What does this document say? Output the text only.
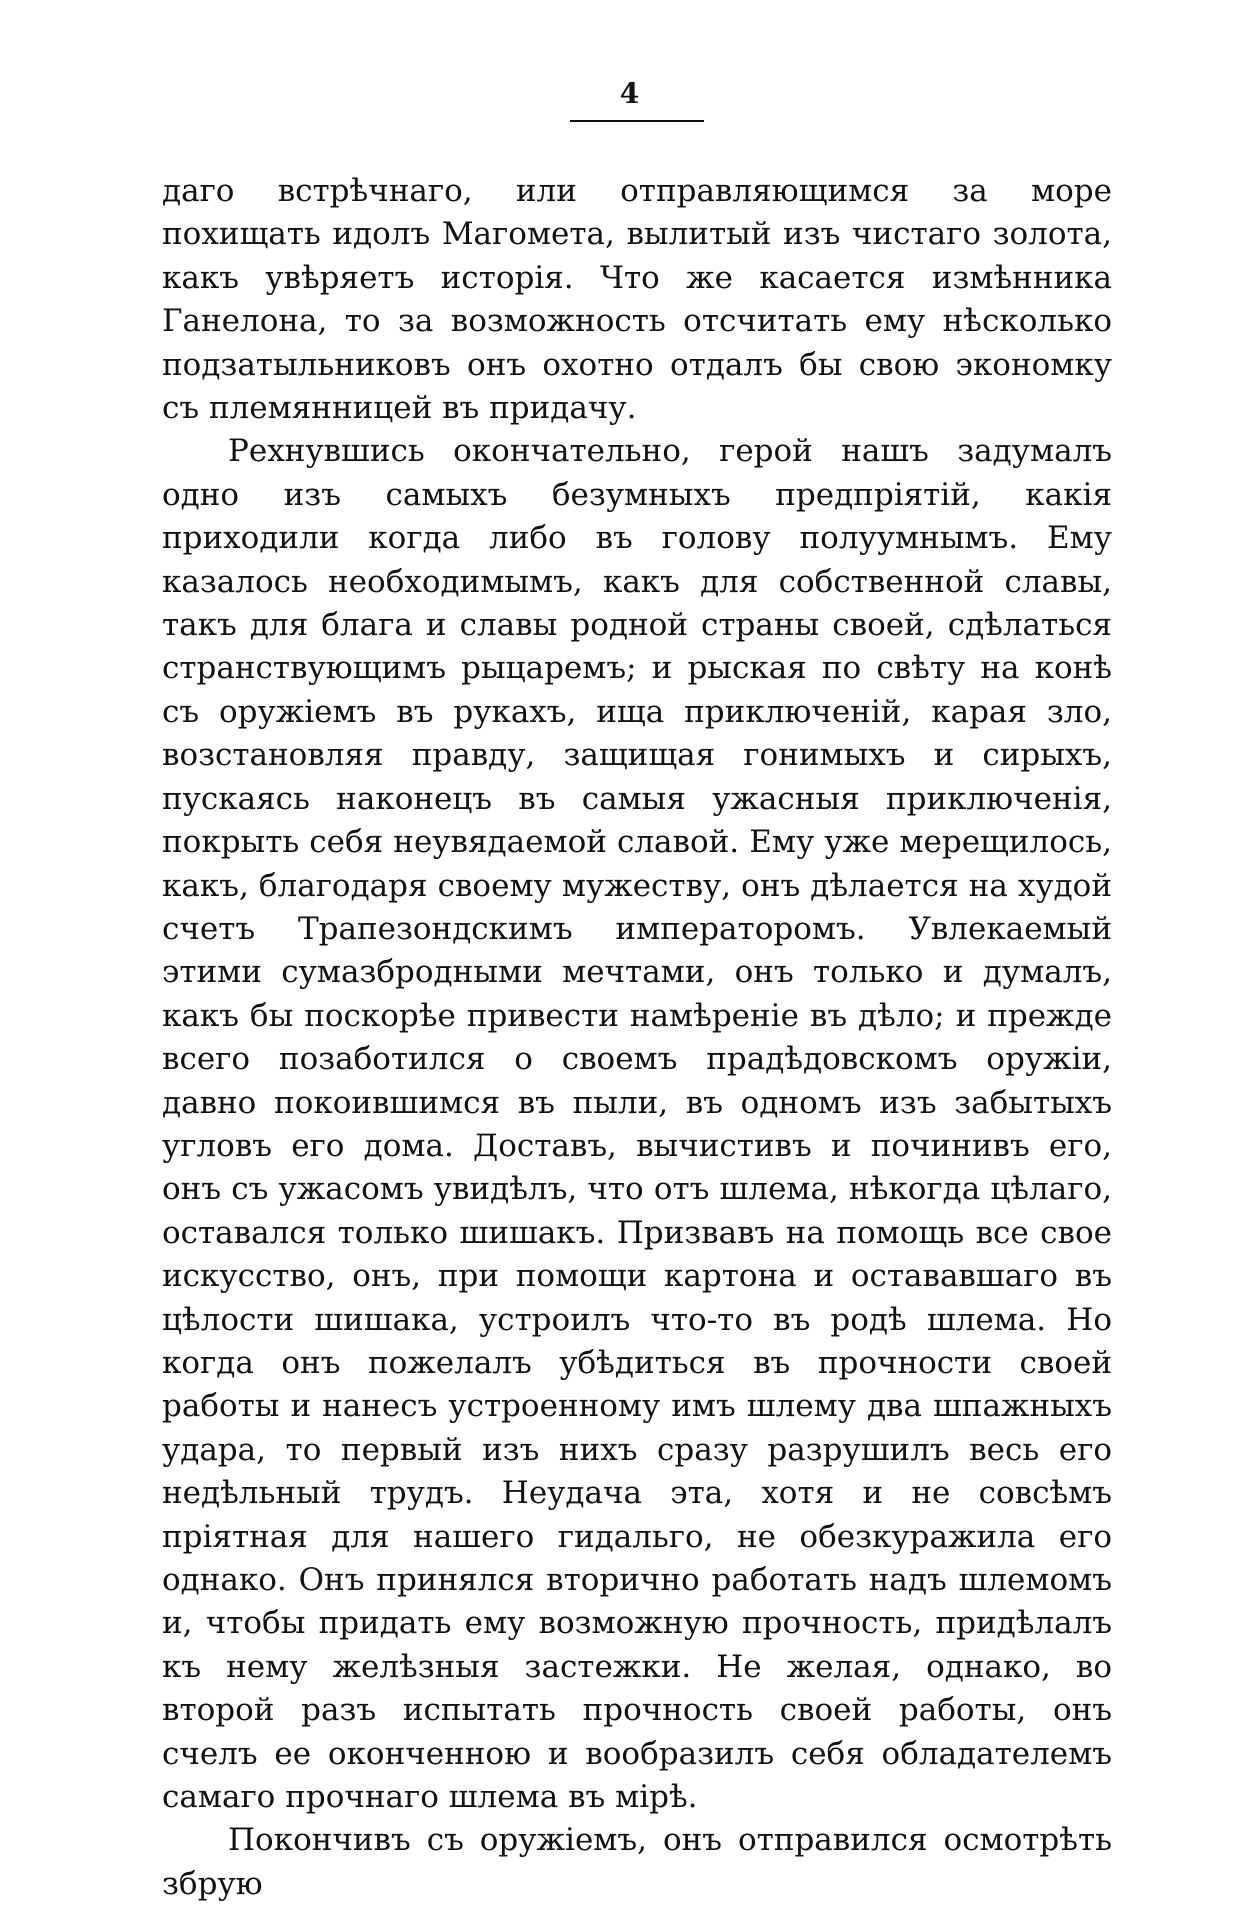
4

даго встрѣчнаго, или отправляющимся за море похищать идолъ Магомета, вылитый изъ чистаго золота, какъ увѣряетъ исторія. Что же касается измѣнника Ганелона, то за возможность отсчитать ему нѣсколько подзатыльниковъ онъ охотно отдалъ бы свою экономку съ племянницей въ придачу.

Рехнувшись окончательно, герой нашъ задумалъ одно изъ самыхъ безумныхъ предпріятій, какія приходили когда либо въ голову полуумнымъ. Ему казалось необходимымъ, какъ для собственной славы, такъ для блага и славы родной страны своей, сдѣлаться странствующимъ рыцаремъ; и рыская по свѣту на конѣ съ оружіемъ въ рукахъ, ища приключеній, карая зло, возстановляя правду, защищая гонимыхъ и сирыхъ, пускаясь наконецъ въ самыя ужасныя приключенія, покрыть себя неувядаемой славой. Ему уже мерещилось, какъ, благодаря своему мужеству, онъ дѣлается на худой счетъ Трапезондскимъ императоромъ. Увлекаемый этими сумазбродными мечтами, онъ только и думалъ, какъ бы поскорѣе привести намѣреніе въ дѣло; и прежде всего позаботился о своемъ прадѣдовскомъ оружіи, давно покоившимся въ пыли, въ одномъ изъ забытыхъ угловъ его дома. Доставъ, вычистивъ и починивъ его, онъ съ ужасомъ увидѣлъ, что отъ шлема, нѣкогда цѣлаго, оставался только шишакъ. Призвавъ на помощь все свое искусство, онъ, при помощи картона и остававшаго въ цѣлости шишака, устроилъ что-то въ родѣ шлема. Но когда онъ пожелалъ убѣдиться въ прочности своей работы и нанесъ устроенному имъ шлему два шпажныхъ удара, то первый изъ нихъ сразу разрушилъ весь его недѣльный трудъ. Неудача эта, хотя и не совсѣмъ пріятная для нашего гидальго, не обезкуражила его однако. Онъ принялся вторично работать надъ шлемомъ и, чтобы придать ему возможную прочность, придѣлалъ къ нему желѣзныя застежки. Не желая, однако, во второй разъ испытать прочность своей работы, онъ счелъ ее оконченною и вообразилъ себя обладателемъ самаго прочнаго шлема въ мірѣ.

Покончивъ съ оружіемъ, онъ отправился осмотрѣть збрую
